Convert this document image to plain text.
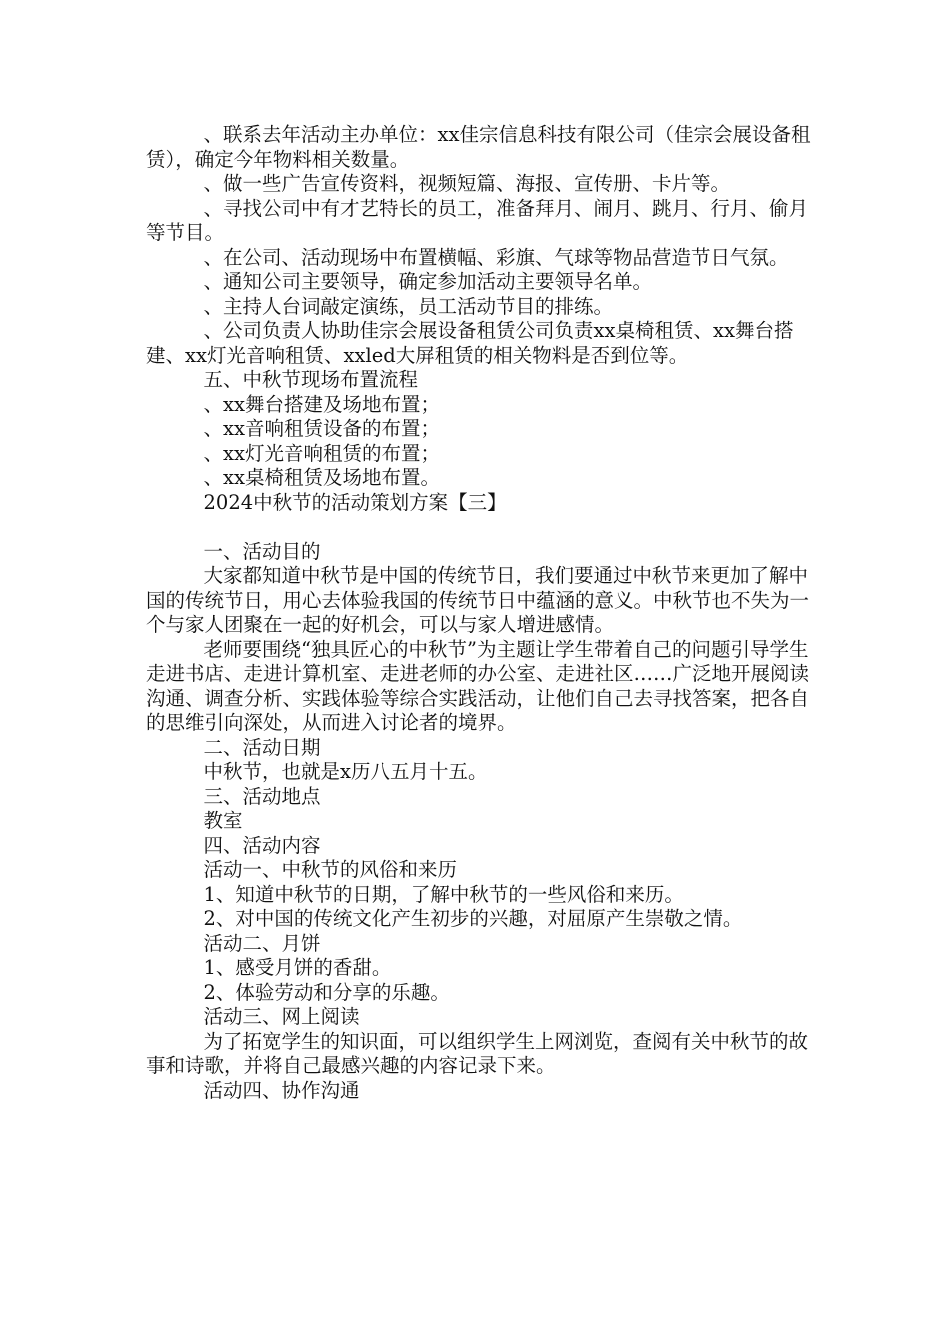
、联系去年活动主办单位：xx佳宗信息科技有限公司（佳宗会展设备租赁），确定今年物料相关数量。

、做一些广告宣传资料，视频短篇、海报、宣传册、卡片等。

、寻找公司中有才艺特长的员工，准备拜月、闹月、跳月、行月、偷月等节目。

、在公司、活动现场中布置横幅、彩旗、气球等物品营造节日气氛。

、通知公司主要领导，确定参加活动主要领导名单。

、主持人台词敲定演练，员工活动节目的排练。

、公司负责人协助佳宗会展设备租赁公司负责xx桌椅租赁、xx舞台搭建、xx灯光音响租赁、xxled大屏租赁的相关物料是否到位等。

五、中秋节现场布置流程

、xx舞台搭建及场地布置；

、xx音响租赁设备的布置；

、xx灯光音响租赁的布置；

、xx桌椅租赁及场地布置。

2024中秋节的活动策划方案【三】

一、活动目的

大家都知道中秋节是中国的传统节日，我们要通过中秋节来更加了解中国的传统节日，用心去体验我国的传统节日中蕴涵的意义。中秋节也不失为一个与家人团聚在一起的好机会，可以与家人增进感情。

老师要围绕“独具匠心的中秋节”为主题让学生带着自己的问题引导学生走进书店、走进计算机室、走进老师的办公室、走进社区……广泛地开展阅读沟通、调查分析、实践体验等综合实践活动，让他们自己去寻找答案，把各自的思维引向深处，从而进入讨论者的境界。

二、活动日期

中秋节，也就是x历八五月十五。

三、活动地点

教室

四、活动内容

活动一、中秋节的风俗和来历

1、知道中秋节的日期，了解中秋节的一些风俗和来历。

2、对中国的传统文化产生初步的兴趣，对屈原产生崇敬之情。

活动二、月饼

1、感受月饼的香甜。

2、体验劳动和分享的乐趣。

活动三、网上阅读

为了拓宽学生的知识面，可以组织学生上网浏览，查阅有关中秋节的故事和诗歌，并将自己最感兴趣的内容记录下来。

活动四、协作沟通
